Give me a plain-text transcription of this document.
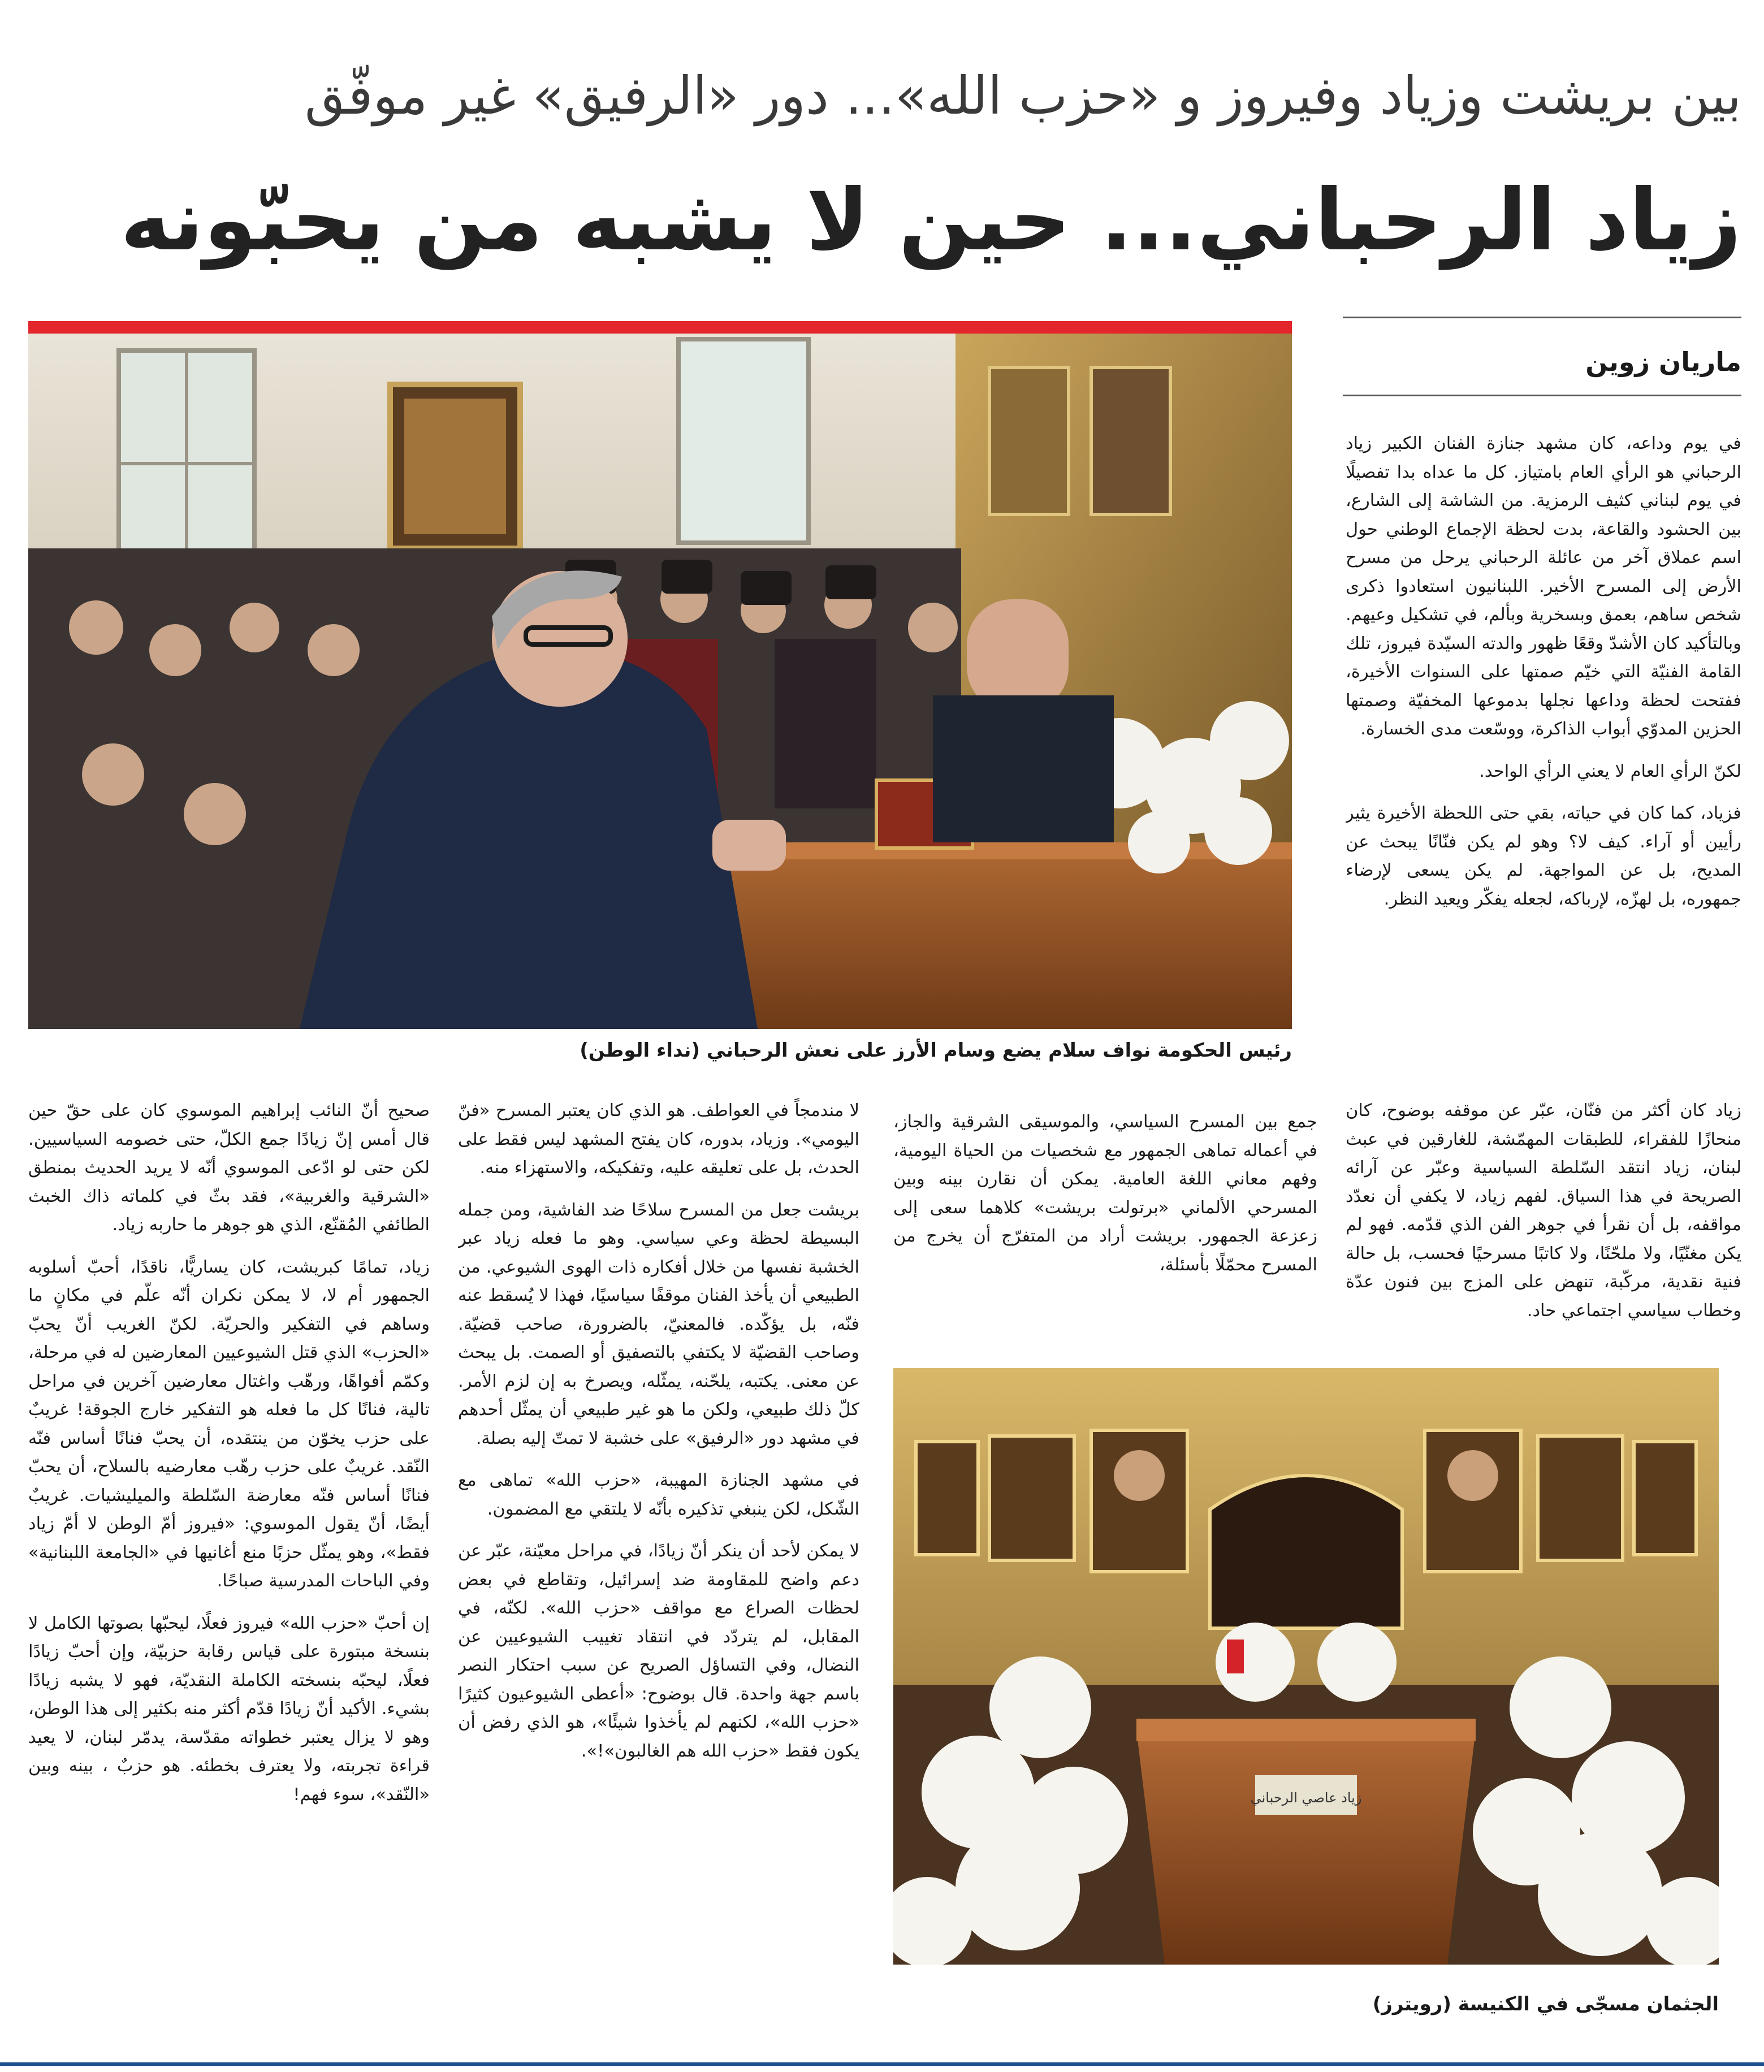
بين بريشت وزياد وفيروز و «حزب الله»... دور «الرفيق» غير موفّق
زياد الرحباني... حين لا يشبه من يحبّونه
ماريان زوين
رئيس الحكومة نواف سلام يضع وسام الأرز على نعش الرحباني (نداء الوطن)

في يوم وداعه، كان مشهد جنازة الفنان الكبير زياد الرحباني هو الرأي العام بامتياز. كل ما عداه بدا تفصيلًا في يوم لبناني كثيف الرمزية. من الشاشة إلى الشارع، بين الحشود والقاعة، بدت لحظة الإجماع الوطني حول اسم عملاق آخر من عائلة الرحباني يرحل من مسرح الأرض إلى المسرح الأخير. اللبنانيون استعادوا ذكرى شخص ساهم، بعمق وبسخرية وبألم، في تشكيل وعيهم. وبالتأكيد كان الأشدّ وقعًا ظهور والدته السيّدة فيروز، تلك القامة الفنيّة التي خيّم صمتها على السنوات الأخيرة، ففتحت لحظة وداعها نجلها بدموعها المخفيّة وصمتها الحزين المدوّي أبواب الذاكرة، ووسّعت مدى الخسارة.

لكنّ الرأي العام لا يعني الرأي الواحد.

فزياد، كما كان في حياته، بقي حتى اللحظة الأخيرة يثير رأيين أو آراء. كيف لا؟ وهو لم يكن فنّانًا يبحث عن المديح، بل عن المواجهة. لم يكن يسعى لإرضاء جمهوره، بل لهزّه، لإرباكه، لجعله يفكّر ويعيد النظر.

زياد كان أكثر من فنّان، عبّر عن موقفه بوضوح، كان منحازًا للفقراء، للطبقات المهمّشة، للغارقين في عبث لبنان، زياد انتقد السّلطة السياسية وعبّر عن آرائه الصريحة في هذا السياق. لفهم زياد، لا يكفي أن نعدّد مواقفه، بل أن نقرأ في جوهر الفن الذي قدّمه. فهو لم يكن مغنّيًا، ولا ملحّنًا، ولا كاتبًا مسرحيًا فحسب، بل حالة فنية نقدية، مركّبة، تنهض على المزج بين فنون عدّة وخطاب سياسي اجتماعي حاد.

جمع بين المسرح السياسي، والموسيقى الشرقية والجاز، في أعماله تماهى الجمهور مع شخصيات من الحياة اليومية، وفهم معاني اللغة العامية. يمكن أن نقارن بينه وبين المسرحي الألماني «برتولت بريشت» كلاهما سعى إلى زعزعة الجمهور. بريشت أراد من المتفرّج أن يخرج من المسرح محمّلًا بأسئلة،

لا مندمجاً في العواطف. هو الذي كان يعتبر المسرح «فنّ اليومي». وزياد، بدوره، كان يفتح المشهد ليس فقط على الحدث، بل على تعليقه عليه، وتفكيكه، والاستهزاء منه.

بريشت جعل من المسرح سلاحًا ضد الفاشية، ومن جمله البسيطة لحظة وعي سياسي. وهو ما فعله زياد عبر الخشبة نفسها من خلال أفكاره ذات الهوى الشيوعي. من الطبيعي أن يأخذ الفنان موقفًا سياسيًا، فهذا لا يُسقط عنه فنّه، بل يؤكّده. فالمعنيّ، بالضرورة، صاحب قضيّة. وصاحب القضيّة لا يكتفي بالتصفيق أو الصمت. بل يبحث عن معنى. يكتبه، يلحّنه، يمثّله، ويصرخ به إن لزم الأمر. كلّ ذلك طبيعي، ولكن ما هو غير طبيعي أن يمثّل أحدهم في مشهد دور «الرفيق» على خشبة لا تمتّ إليه بصلة.

في مشهد الجنازة المهيبة، «حزب الله» تماهى مع الشّكل، لكن ينبغي تذكيره بأنّه لا يلتقي مع المضمون.

لا يمكن لأحد أن ينكر أنّ زيادًا، في مراحل معيّنة، عبّر عن دعم واضح للمقاومة ضد إسرائيل، وتقاطع في بعض لحظات الصراع مع مواقف «حزب الله». لكنّه، في المقابل، لم يتردّد في انتقاد تغييب الشيوعيين عن النضال، وفي التساؤل الصريح عن سبب احتكار النصر باسم جهة واحدة. قال بوضوح: «أعطى الشيوعيون كثيرًا «حزب الله»، لكنهم لم يأخذوا شيئًا»، هو الذي رفض أن يكون فقط «حزب الله هم الغالبون»!».

صحيح أنّ النائب إبراهيم الموسوي كان على حقّ حين قال أمس إنّ زيادًا جمع الكلّ، حتى خصومه السياسيين. لكن حتى لو ادّعى الموسوي أنّه لا يريد الحديث بمنطق «الشرقية والغربية»، فقد بثّ في كلماته ذاك الخبث الطائفي المُقنّع، الذي هو جوهر ما حاربه زياد.

زياد، تمامًا كبريشت، كان يساريًّا، ناقدًا، أحبّ أسلوبه الجمهور أم لا، لا يمكن نكران أنّه علّم في مكانٍ ما وساهم في التفكير والحريّة. لكنّ الغريب أنّ يحبّ «الحزب» الذي قتل الشيوعيين المعارضين له في مرحلة، وكمّم أفواهًا، ورهّب واغتال معارضين آخرين في مراحل تالية، فنانًا كل ما فعله هو التفكير خارج الجوقة! غريبٌ على حزب يخوّن من ينتقده، أن يحبّ فنانًا أساس فنّه النّقد. غريبٌ على حزب رهّب معارضيه بالسلاح، أن يحبّ فنانًا أساس فنّه معارضة السّلطة والميليشيات. غريبٌ أيضًا، أنّ يقول الموسوي: «فيروز أمّ الوطن لا أمّ زياد فقط»، وهو يمثّل حزبًا منع أغانيها في «الجامعة اللبنانية» وفي الباحات المدرسية صباحًا.

إن أحبّ «حزب الله» فيروز فعلًا، ليحبّها بصوتها الكامل لا بنسخة مبتورة على قياس رقابة حزبيّة، وإن أحبّ زيادًا فعلًا، ليحبّه بنسخته الكاملة النقديّة، فهو لا يشبه زيادًا بشيء. الأكيد أنّ زيادًا قدّم أكثر منه بكثير إلى هذا الوطن، وهو لا يزال يعتبر خطواته مقدّسة، يدمّر لبنان، لا يعيد قراءة تجربته، ولا يعترف بخطئه. هو حزبٌ ، بينه وبين «النّقد»، سوء فهم!	زياد عاصي الرحباني
الجثمان مسجّى في الكنيسة (رويترز)
